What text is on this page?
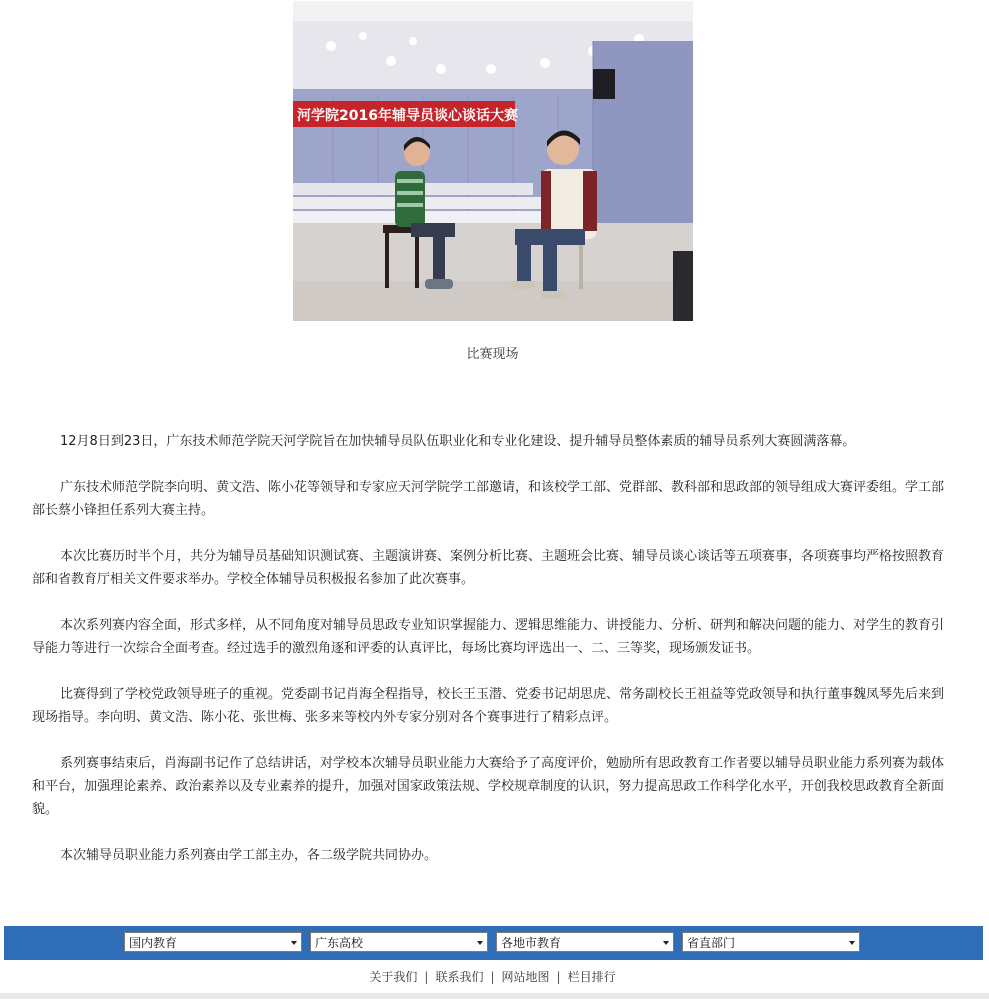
河学院2016年辅导员谈心谈话大赛
比赛现场

12月8日到23日，广东技术师范学院天河学院旨在加快辅导员队伍职业化和专业化建设、提升辅导员整体素质的辅导员系列大赛圆满落幕。

广东技术师范学院李向明、黄文浩、陈小花等领导和专家应天河学院学工部邀请，和该校学工部、党群部、教科部和思政部的领导组成大赛评委组。学工部部长蔡小锋担任系列大赛主持。

本次比赛历时半个月，共分为辅导员基础知识测试赛、主题演讲赛、案例分析比赛、主题班会比赛、辅导员谈心谈话等五项赛事，各项赛事均严格按照教育部和省教育厅相关文件要求举办。学校全体辅导员积极报名参加了此次赛事。

本次系列赛内容全面，形式多样，从不同角度对辅导员思政专业知识掌握能力、逻辑思维能力、讲授能力、分析、研判和解决问题的能力、对学生的教育引导能力等进行一次综合全面考查。经过选手的激烈角逐和评委的认真评比，每场比赛均评选出一、二、三等奖，现场颁发证书。

比赛得到了学校党政领导班子的重视。党委副书记肖海全程指导，校长王玉潜、党委书记胡思虎、常务副校长王祖益等党政领导和执行董事魏凤琴先后来到现场指导。李向明、黄文浩、陈小花、张世梅、张多来等校内外专家分别对各个赛事进行了精彩点评。

系列赛事结束后，肖海副书记作了总结讲话，对学校本次辅导员职业能力大赛给予了高度评价，勉励所有思政教育工作者要以辅导员职业能力系列赛为载体和平台，加强理论素养、政治素养以及专业素养的提升，加强对国家政策法规、学校规章制度的认识，努力提高思政工作科学化水平，开创我校思政教育全新面貌。

本次辅导员职业能力系列赛由学工部主办，各二级学院共同协办。

国内教育	广东高校	各地市教育	省直部门
关于我们 | 联系我们 | 网站地图 | 栏目排行
